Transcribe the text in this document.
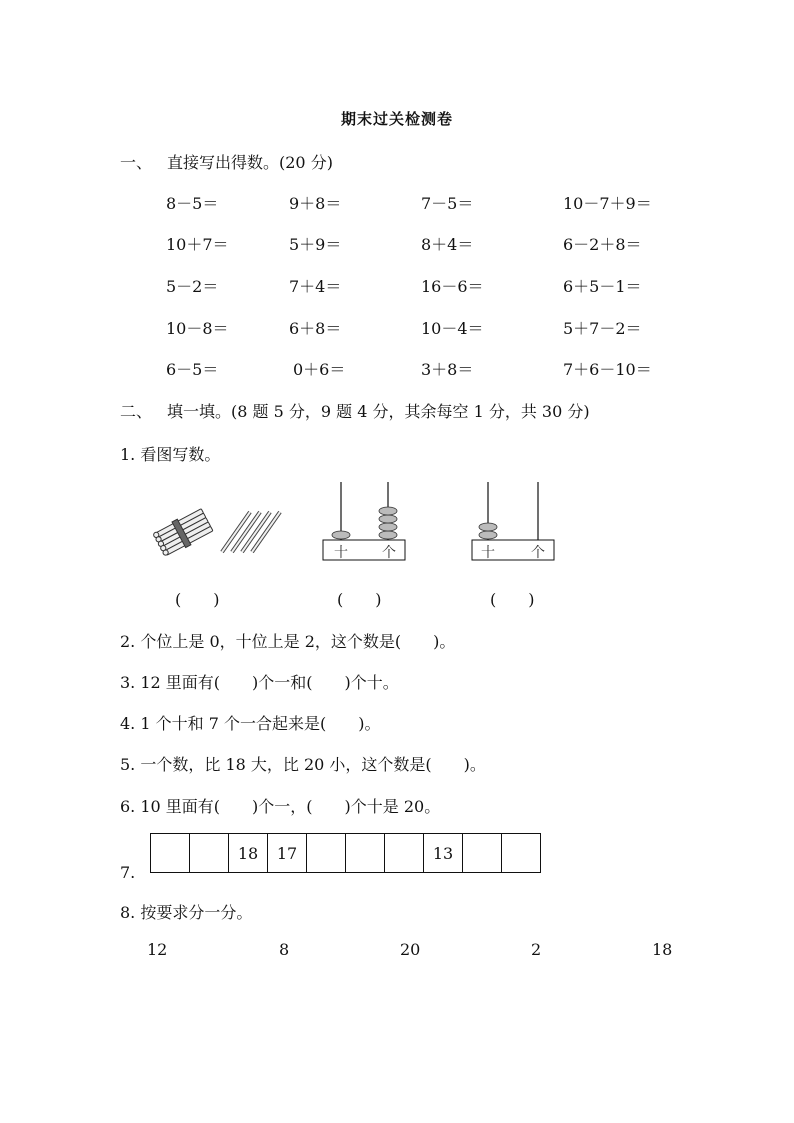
期末过关检测卷
一、 直接写出得数。(20 分)
8－5＝	9＋8＝	7－5＝	10－7＋9＝
10＋7＝	5＋9＝	8＋4＝	6－2＋8＝
5－2＝	7＋4＝	16－6＝	6＋5－1＝
10－8＝	6＋8＝	10－4＝	5＋7－2＝
6－5＝	0＋6＝	3＋8＝	7＋6－10＝
二、 填一填。(8 题 5 分，9 题 4 分，其余每空 1 分，共 30 分)
1. 看图写数。
十 个	十	个
(　　)	(　　)	(　　)
2. 个位上是 0，十位上是 2，这个数是(　　)。
3. 12 里面有(　　)个一和(　　)个十。
4. 1 个十和 7 个一合起来是(　　)。
5. 一个数，比 18 大，比 20 小，这个数是(　　)。
6. 10 里面有(　　)个一，(　　)个十是 20。
7.
18	17	13
8. 按要求分一分。
12	8	20	2	18
